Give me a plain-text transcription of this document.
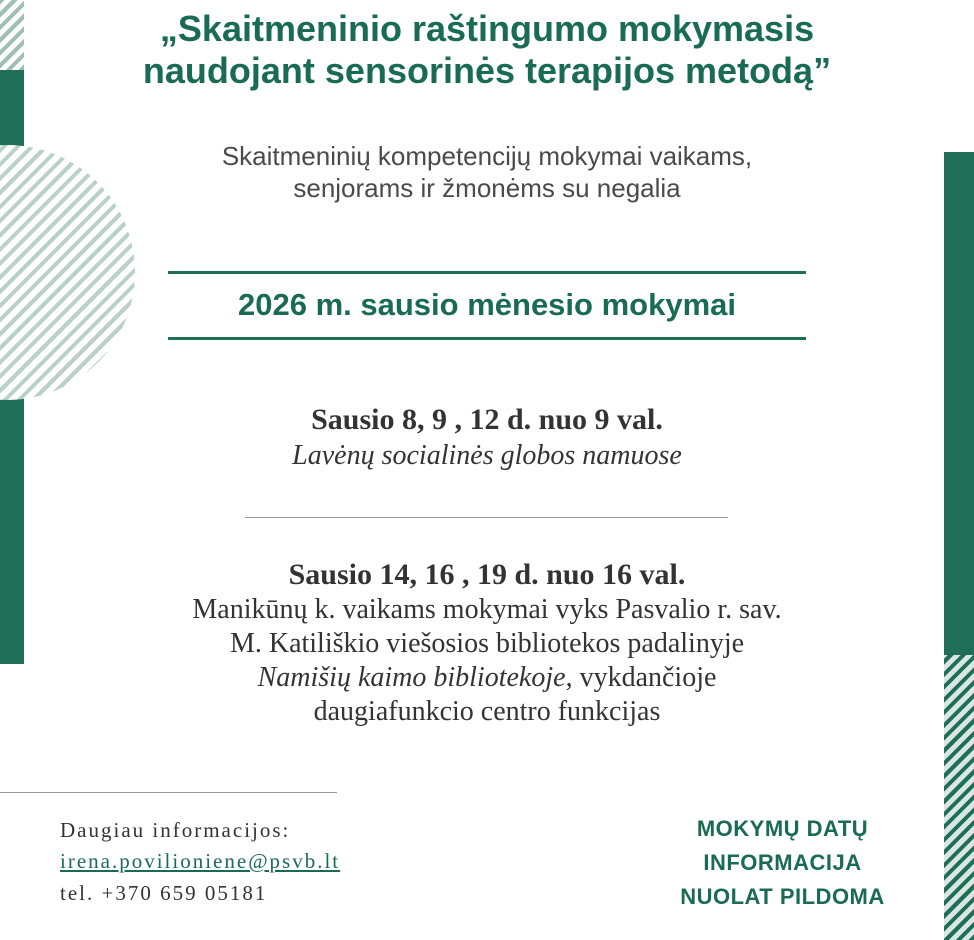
„Skaitmeninio raštingumo mokymasis
naudojant sensorinės terapijos metodą”
Skaitmeninių kompetencijų mokymai vaikams,
senjorams ir žmonėms su negalia
2026 m. sausio mėnesio mokymai
Sausio 8, 9 , 12 d. nuo 9 val.
Lavėnų socialinės globos namuose
Sausio 14, 16 , 19 d. nuo 16 val.
Manikūnų k. vaikams mokymai vyks Pasvalio r. sav.
M. Katiliškio viešosios bibliotekos padalinyje
Namišių kaimo bibliotekoje, vykdančioje
daugiafunkcio centro funkcijas
Daugiau informacijos:
irena.povilioniene@psvb.lt
tel. +370 659 05181
MOKYMŲ DATŲ
INFORMACIJA
NUOLAT PILDOMA
